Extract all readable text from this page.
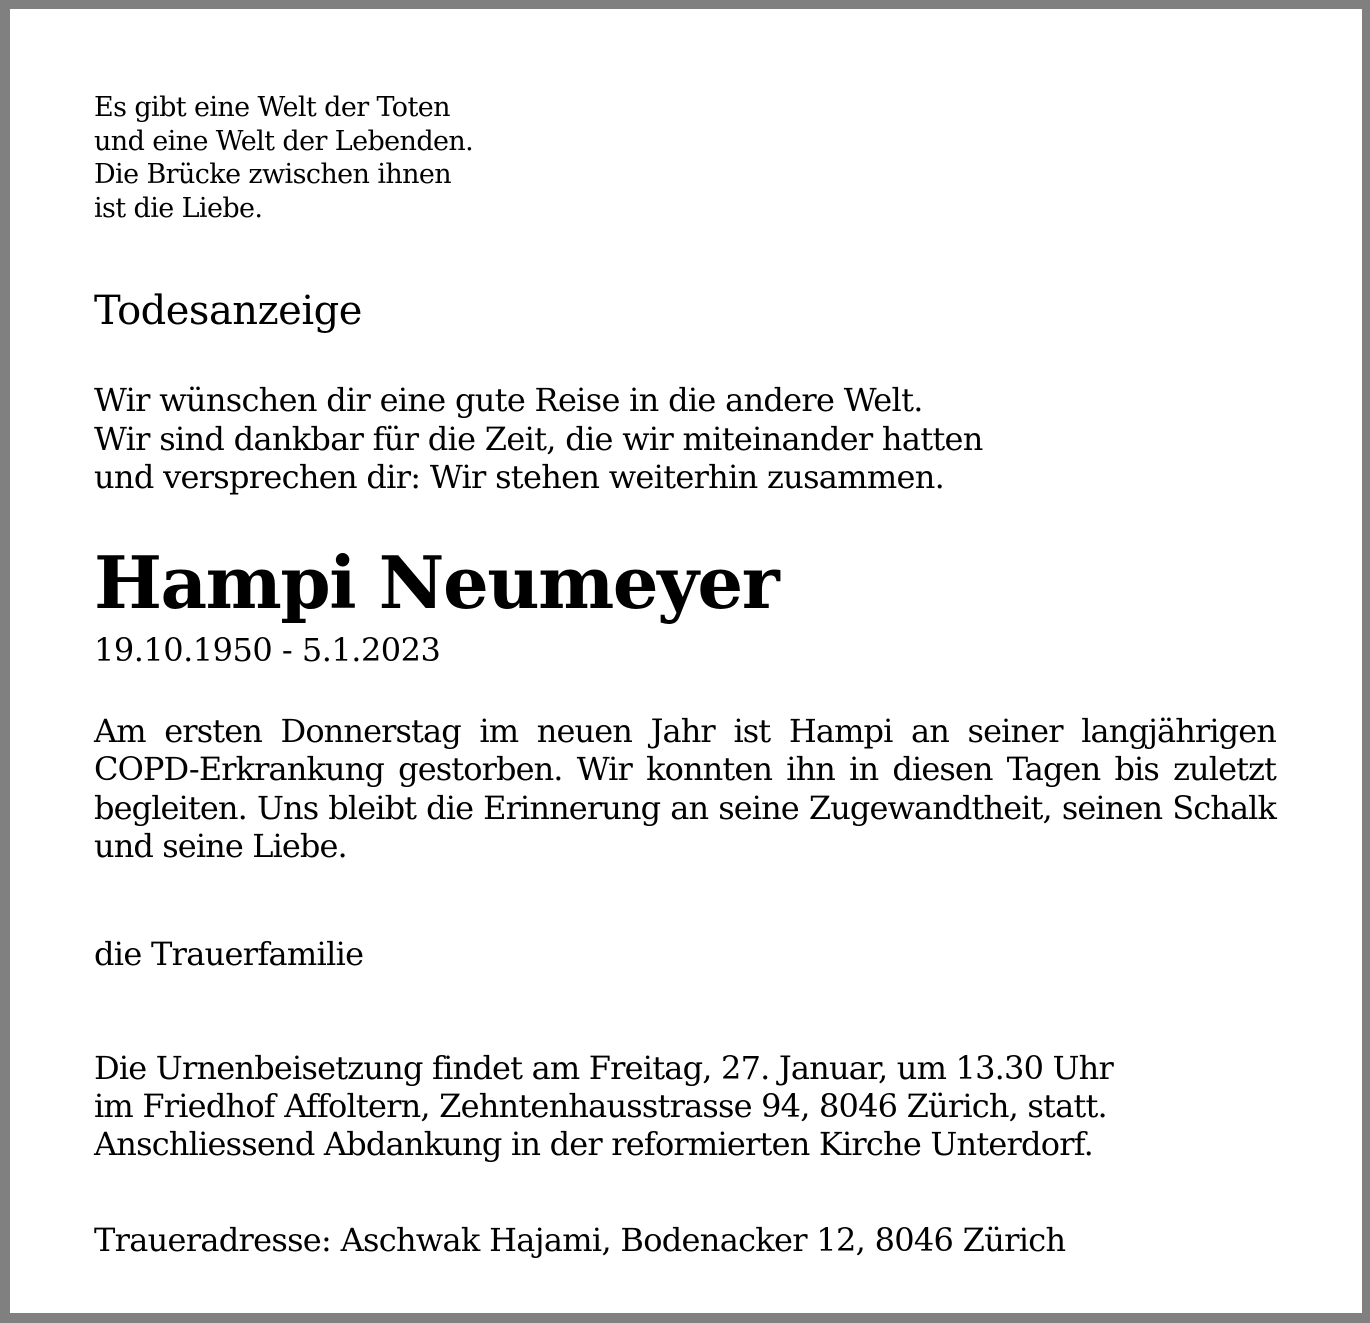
Es gibt eine Welt der Toten
und eine Welt der Lebenden.
Die Brücke zwischen ihnen
ist die Liebe.

Todesanzeige

Wir wünschen dir eine gute Reise in die andere Welt.
Wir sind dankbar für die Zeit, die wir miteinander hatten
und versprechen dir: Wir stehen weiterhin zusammen.

Hampi Neumeyer

19.10.1950 - 5.1.2023

Am ersten Donnerstag im neuen Jahr ist Hampi an seiner langjährigen COPD-Erkrankung gestorben. Wir konnten ihn in diesen Tagen bis zuletzt begleiten. Uns bleibt die Erinnerung an seine Zugewandtheit, seinen Schalk und seine Liebe.

die Trauerfamilie

Die Urnenbeisetzung findet am Freitag, 27. Januar, um 13.30 Uhr
im Friedhof Affoltern, Zehntenhausstrasse 94, 8046 Zürich, statt.
Anschliessend Abdankung in der reformierten Kirche Unterdorf.

Traueradresse: Aschwak Hajami, Bodenacker 12, 8046 Zürich
